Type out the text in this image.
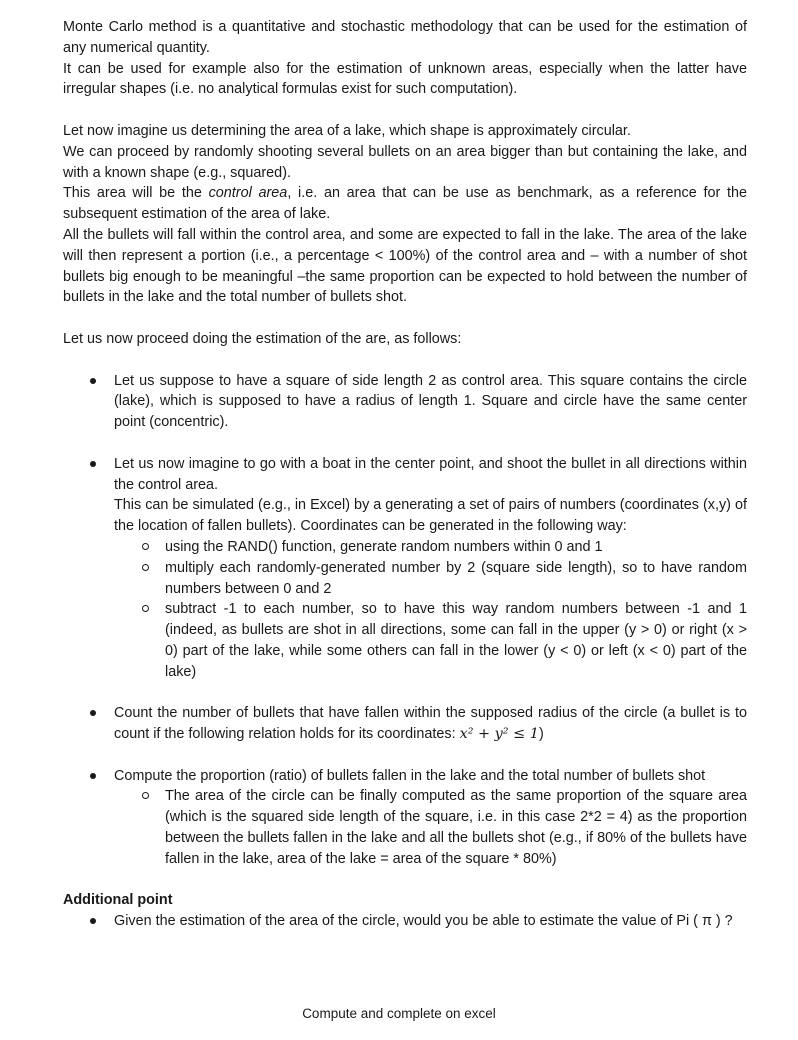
Monte Carlo method is a quantitative and stochastic methodology that can be used for the estimation of any numerical quantity.

It can be used for example also for the estimation of unknown areas, especially when the latter have irregular shapes (i.e. no analytical formulas exist for such computation).

Let now imagine us determining the area of a lake, which shape is approximately circular.

We can proceed by randomly shooting several bullets on an area bigger than but containing the lake, and with a known shape (e.g., squared).

This area will be the control area, i.e. an area that can be use as benchmark, as a reference for the subsequent estimation of the area of lake.

All the bullets will fall within the control area, and some are expected to fall in the lake. The area of the lake will then represent a portion (i.e., a percentage < 100%) of the control area and – with a number of shot bullets big enough to be meaningful –the same proportion can be expected to hold between the number of bullets in the lake and the total number of bullets shot.

Let us now proceed doing the estimation of the are, as follows:

Let us suppose to have a square of side length 2 as control area. This square contains the circle (lake), which is supposed to have a radius of length 1. Square and circle have the same center point (concentric).

Let us now imagine to go with a boat in the center point, and shoot the bullet in all directions within the control area.

This can be simulated (e.g., in Excel) by a generating a set of pairs of numbers (coordinates (x,y) of the location of fallen bullets). Coordinates can be generated in the following way:

using the RAND() function, generate random numbers within 0 and 1

multiply each randomly-generated number by 2 (square side length), so to have random numbers between 0 and 2

subtract -1 to each number, so to have this way random numbers between -1 and 1 (indeed, as bullets are shot in all directions, some can fall in the upper (y > 0) or right (x > 0) part of the lake, while some others can fall in the lower (y < 0) or left (x < 0) part of the lake)

Count the number of bullets that have fallen within the supposed radius of the circle (a bullet is to count if the following relation holds for its coordinates: x² + y² ≤ 1)

Compute the proportion (ratio) of bullets fallen in the lake and the total number of bullets shot

The area of the circle can be finally computed as the same proportion of the square area (which is the squared side length of the square, i.e. in this case 2*2 = 4) as the proportion between the bullets fallen in the lake and all the bullets shot (e.g., if 80% of the bullets have fallen in the lake, area of the lake = area of the square * 80%)

Additional point

Given the estimation of the area of the circle, would you be able to estimate the value of Pi ( π ) ?

Compute and complete on excel
